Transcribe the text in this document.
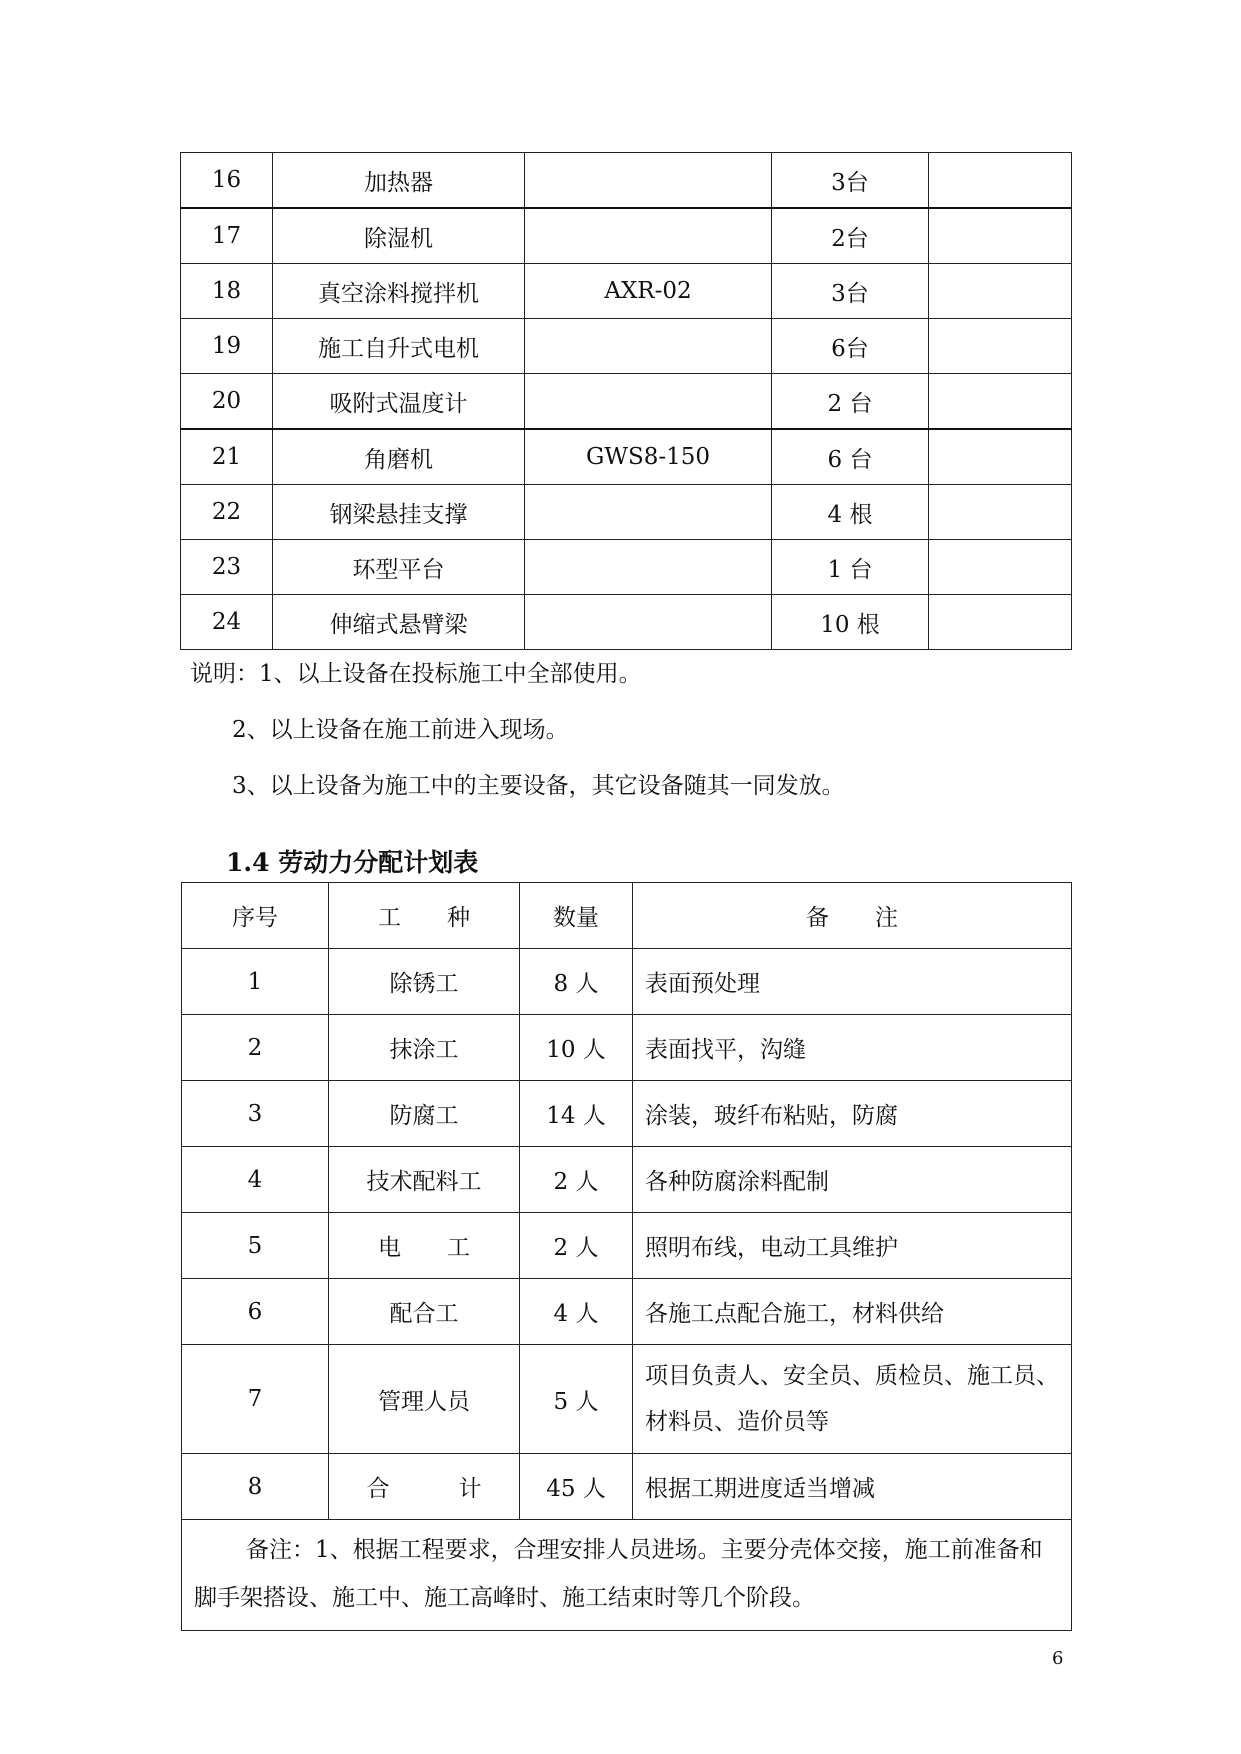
16	加热器		3台	
17	除湿机		2台	
18	真空涂料搅拌机	AXR-02	3台	
19	施工自升式电机		6台	
20	吸附式温度计		2 台	
21	角磨机	GWS8-150	6 台	
22	钢梁悬挂支撑		4 根	
23	环型平台		1 台	
24	伸缩式悬臂梁		10 根	
说明：1、以上设备在投标施工中全部使用。
2、以上设备在施工前进入现场。
3、以上设备为施工中的主要设备，其它设备随其一同发放。
1.4 劳动力分配计划表
序号	工　　种	数量	备　　注
1	除锈工	8 人	表面预处理
2	抹涂工	10 人	表面找平，沟缝
3	防腐工	14 人	涂装，玻纤布粘贴，防腐
4	技术配料工	2 人	各种防腐涂料配制
5	电　　工	2 人	照明布线，电动工具维护
6	配合工	4 人	各施工点配合施工，材料供给
7	管理人员	5 人	项目负责人、安全员、质检员、施工员、材料员、造价员等
8	合　　　计	45 人	根据工期进度适当增减
备注：1、根据工程要求，合理安排人员进场。主要分壳体交接，施工前准备和脚手架搭设、施工中、施工高峰时、施工结束时等几个阶段。			
6
